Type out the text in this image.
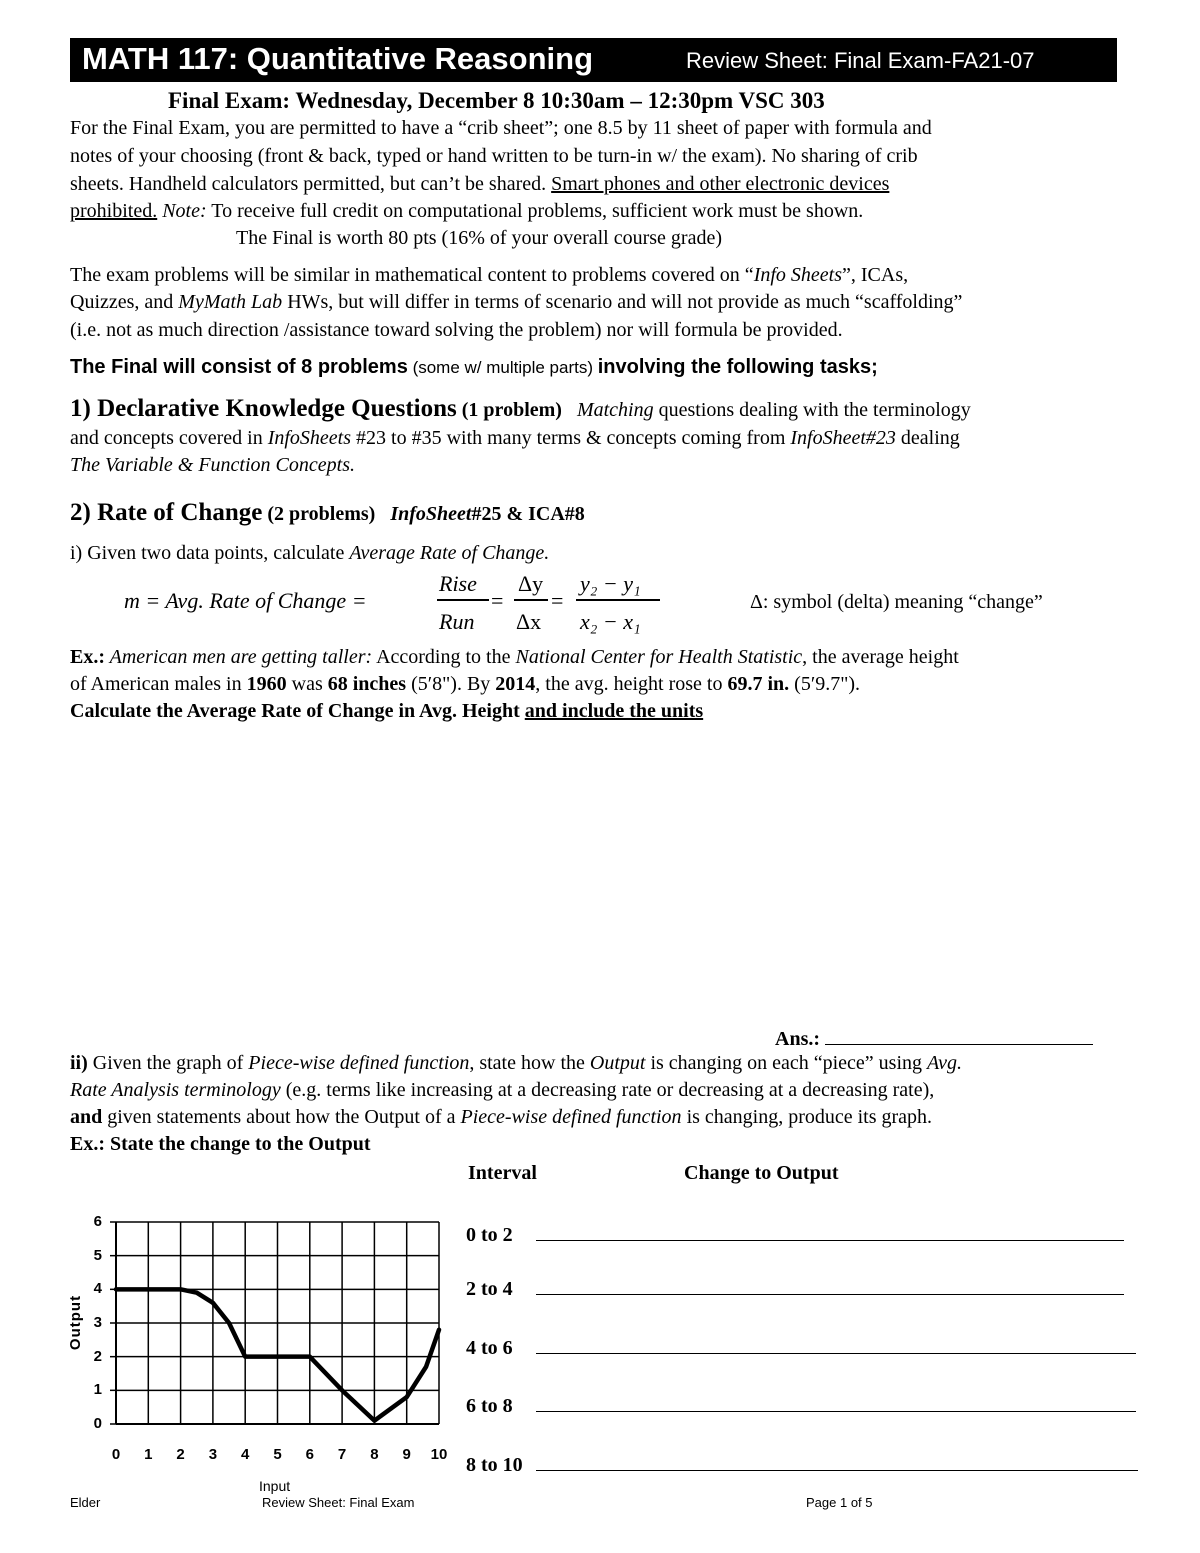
MATH 117: Quantitative Reasoning	Review Sheet: Final Exam-FA21-07
Final Exam: Wednesday, December 8 10:30am – 12:30pm VSC 303
For the Final Exam, you are permitted to have a “crib sheet”; one 8.5 by 11 sheet of paper with formula and
notes of your choosing (front & back, typed or hand written to be turn-in w/ the exam). No sharing of crib
sheets. Handheld calculators permitted, but can’t be shared. Smart phones and other electronic devices
prohibited. Note: To receive full credit on computational problems, sufficient work must be shown.
The Final is worth 80 pts (16% of your overall course grade)
The exam problems will be similar in mathematical content to problems covered on “Info Sheets”, ICAs,
Quizzes, and MyMath Lab HWs, but will differ in terms of scenario and will not provide as much “scaffolding”
(i.e. not as much direction /assistance toward solving the problem) nor will formula be provided.
The Final will consist of 8 problems (some w/ multiple parts) involving the following tasks;
1) Declarative Knowledge Questions (1 problem) Matching questions dealing with the terminology
and concepts covered in InfoSheets #23 to #35 with many terms & concepts coming from InfoSheet#23 dealing
The Variable & Function Concepts.
2) Rate of Change (2 problems) InfoSheet#25 & ICA#8
i) Given two data points, calculate Average Rate of Change.
m = Avg. Rate of Change =
Rise
Run
=
Δy
Δx
=
y₂ − y₁
x₂ − x₁
Δ: symbol (delta) meaning “change”
Ex.: American men are getting taller: According to the National Center for Health Statistic, the average height
of American males in 1960 was 68 inches (5′8"). By 2014, the avg. height rose to 69.7 in. (5′9.7").
Calculate the Average Rate of Change in Avg. Height and include the units
Ans.:
ii) Given the graph of Piece-wise defined function, state how the Output is changing on each “piece” using Avg.
Rate Analysis terminology (e.g. terms like increasing at a decreasing rate or decreasing at a decreasing rate),
and given statements about how the Output of a Piece-wise defined function is changing, produce its graph.
Ex.: State the change to the Output
Interval	Change to Output
0 to 2
2 to 4
4 to 6
6 to 8
8 to 10
0	1	2	3	4	5	6	7	8	9	10
0
1
2
3
4
5
6
Input
Output
Elder	Review Sheet: Final Exam	Page 1 of 5
